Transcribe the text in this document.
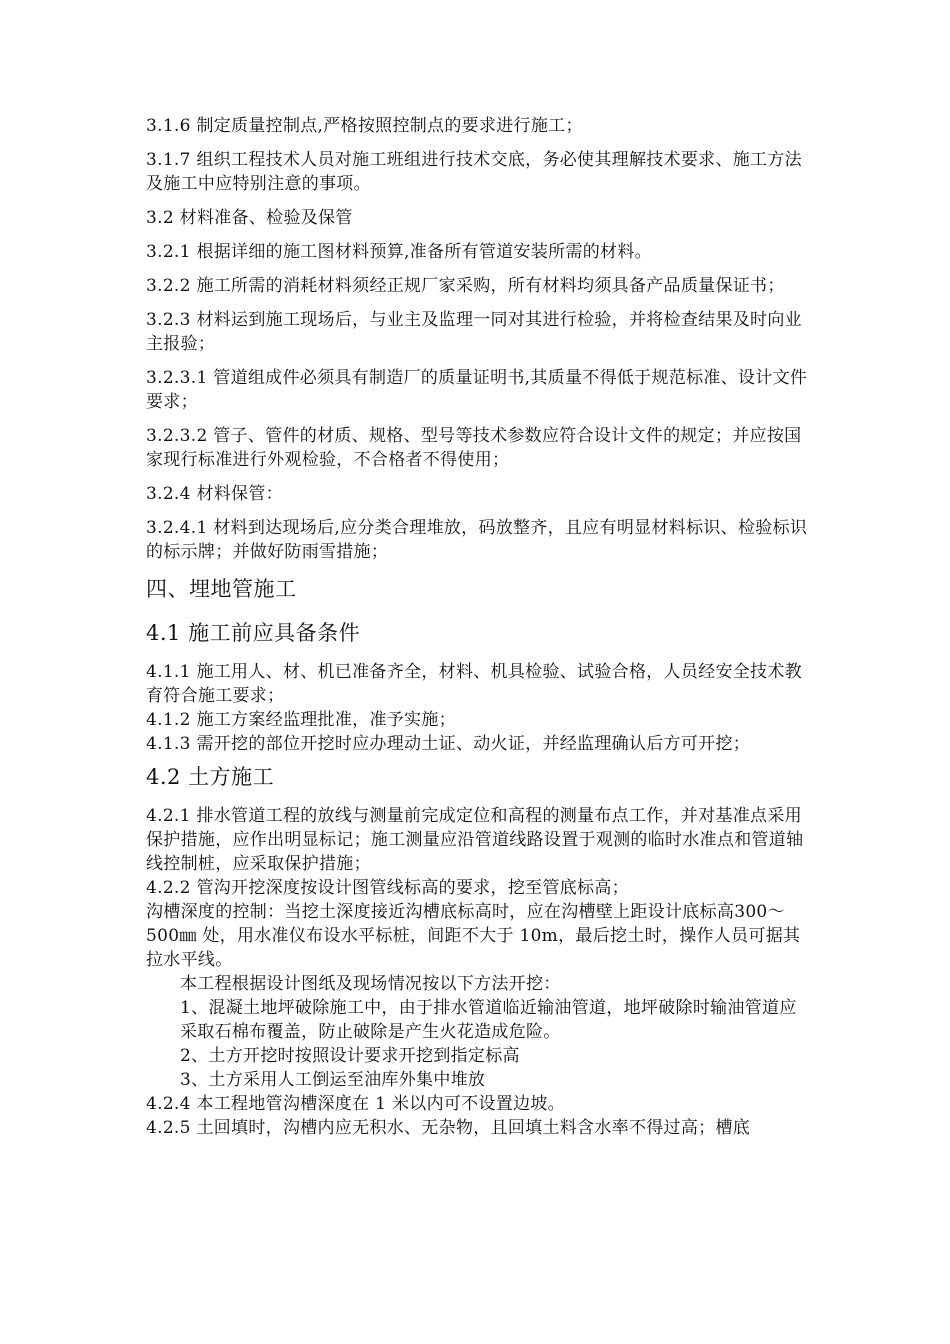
3.1.6 制定质量控制点,严格按照控制点的要求进行施工；

3.1.7 组织工程技术人员对施工班组进行技术交底，务必使其理解技术要求、施工方法及施工中应特别注意的事项。

3.2 材料准备、检验及保管

3.2.1 根据详细的施工图材料预算,准备所有管道安装所需的材料。

3.2.2 施工所需的消耗材料须经正规厂家采购，所有材料均须具备产品质量保证书；

3.2.3 材料运到施工现场后，与业主及监理一同对其进行检验，并将检查结果及时向业主报验；

3.2.3.1 管道组成件必须具有制造厂的质量证明书,其质量不得低于规范标准、设计文件要求；

3.2.3.2 管子、管件的材质、规格、型号等技术参数应符合设计文件的规定；并应按国家现行标准进行外观检验，不合格者不得使用；

3.2.4 材料保管：

3.2.4.1 材料到达现场后,应分类合理堆放，码放整齐，且应有明显材料标识、检验标识的标示牌；并做好防雨雪措施；

四、埋地管施工

4.1 施工前应具备条件

4.1.1 施工用人、材、机已准备齐全，材料、机具检验、试验合格，人员经安全技术教育符合施工要求；

4.1.2 施工方案经监理批准，准予实施；

4.1.3 需开挖的部位开挖时应办理动土证、动火证，并经监理确认后方可开挖；

4.2 土方施工

4.2.1 排水管道工程的放线与测量前完成定位和高程的测量布点工作，并对基准点采用保护措施，应作出明显标记；施工测量应沿管道线路设置于观测的临时水准点和管道轴线控制桩，应采取保护措施；

4.2.2 管沟开挖深度按设计图管线标高的要求，挖至管底标高；

沟槽深度的控制：当挖土深度接近沟槽底标高时，应在沟槽壁上距设计底标高300～500㎜ 处，用水准仪布设水平标桩，间距不大于 10m，最后挖土时，操作人员可据其拉水平线。

本工程根据设计图纸及现场情况按以下方法开挖：

1、混凝土地坪破除施工中，由于排水管道临近输油管道，地坪破除时输油管道应采取石棉布覆盖，防止破除是产生火花造成危险。

2、土方开挖时按照设计要求开挖到指定标高

3、土方采用人工倒运至油库外集中堆放

4.2.4 本工程地管沟槽深度在 1 米以内可不设置边坡。

4.2.5 土回填时，沟槽内应无积水、无杂物，且回填土料含水率不得过高；槽底
